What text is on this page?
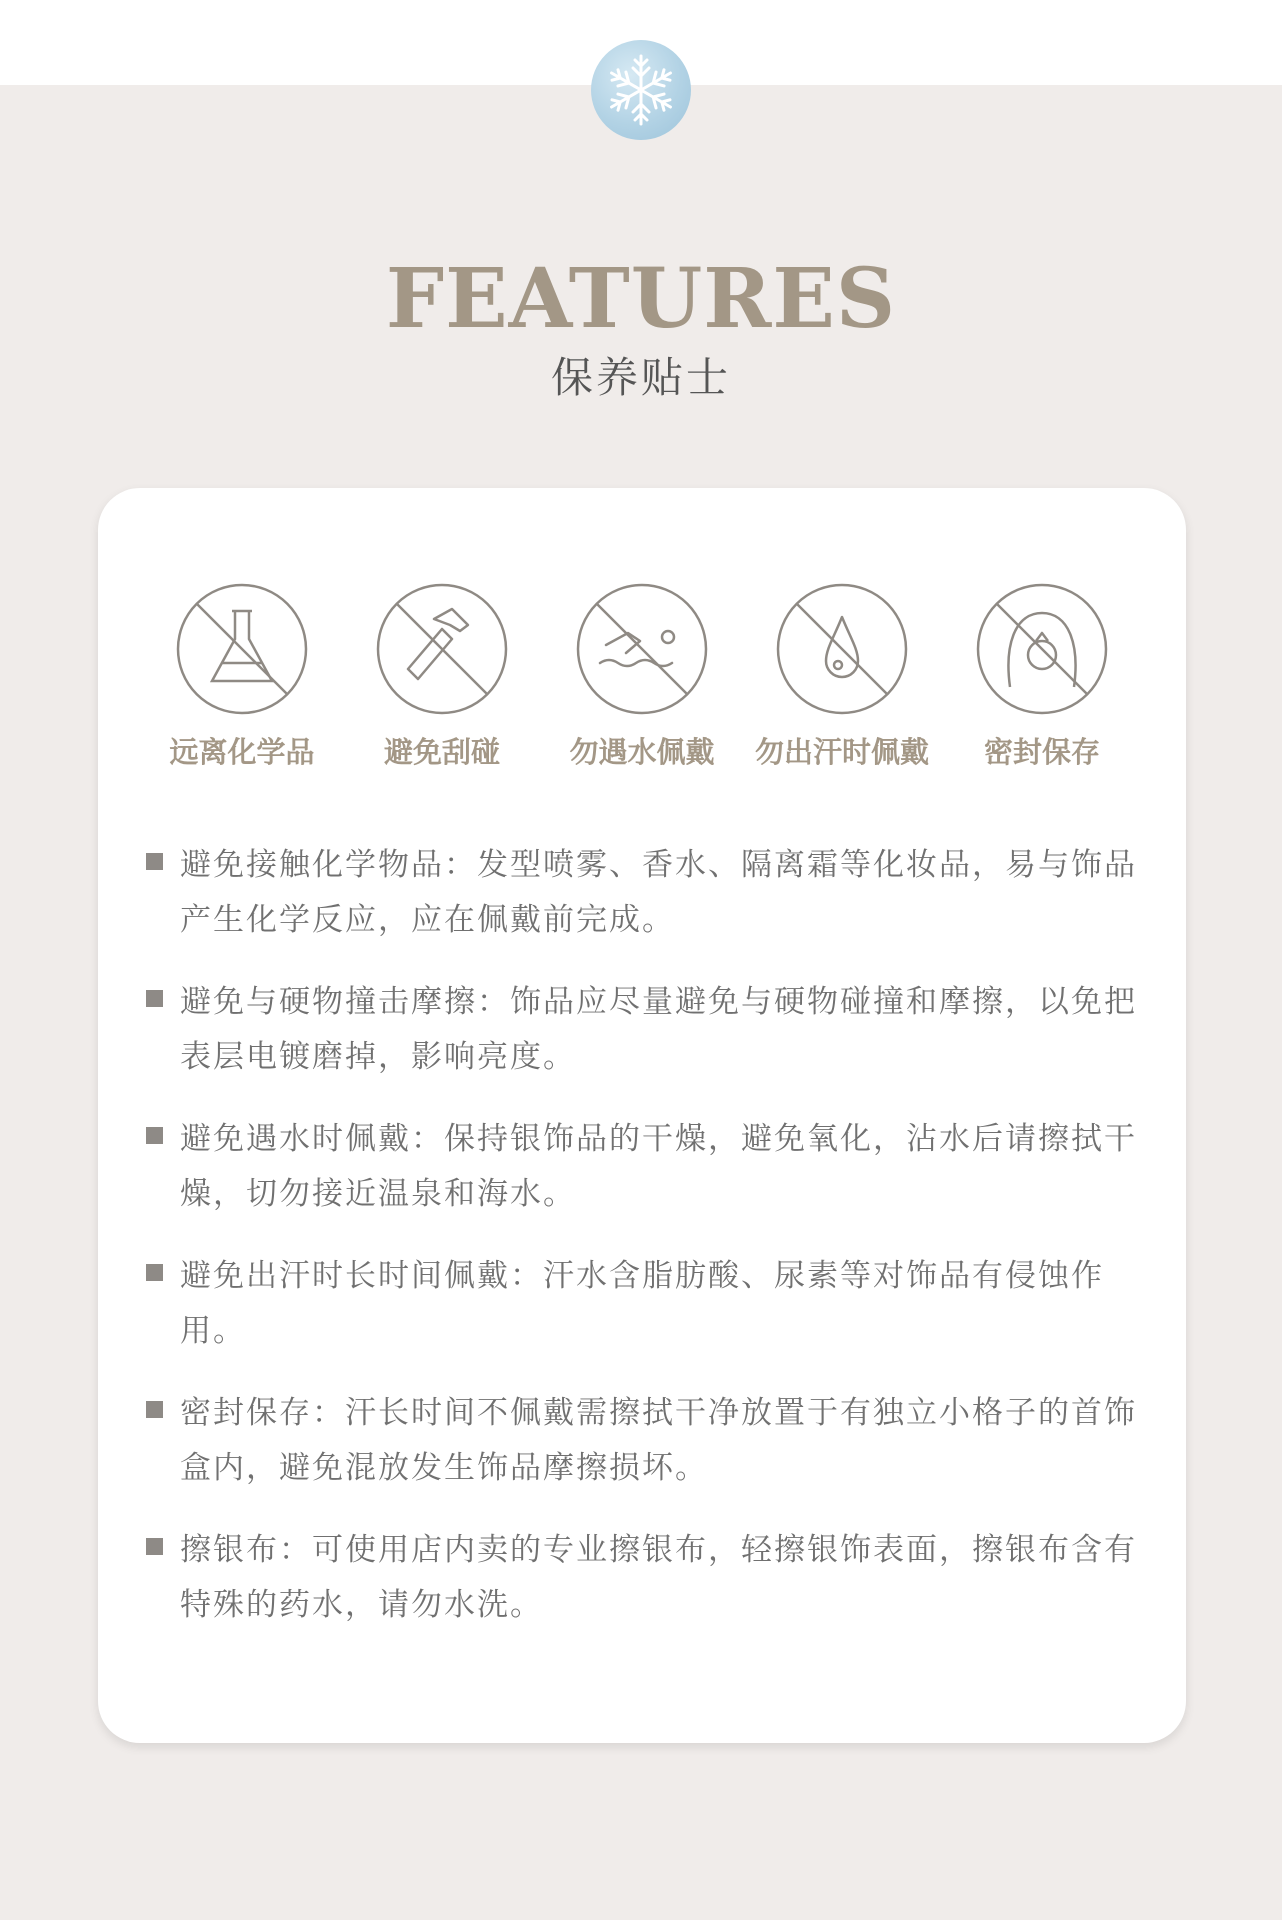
FEATURES
保养贴士
远离化学品	避免刮碰	勿遇水佩戴	勿出汗时佩戴	密封保存
避免接触化学物品：发型喷雾、香水、隔离霜等化妆品，易与饰品产生化学反应，应在佩戴前完成。
避免与硬物撞击摩擦：饰品应尽量避免与硬物碰撞和摩擦，以免把表层电镀磨掉，影响亮度。
避免遇水时佩戴：保持银饰品的干燥，避免氧化，沾水后请擦拭干燥，切勿接近温泉和海水。
避免出汗时长时间佩戴：汗水含脂肪酸、尿素等对饰品有侵蚀作用。
密封保存：汗长时间不佩戴需擦拭干净放置于有独立小格子的首饰盒内，避免混放发生饰品摩擦损坏。
擦银布：可使用店内卖的专业擦银布，轻擦银饰表面，擦银布含有特殊的药水，请勿水洗。
